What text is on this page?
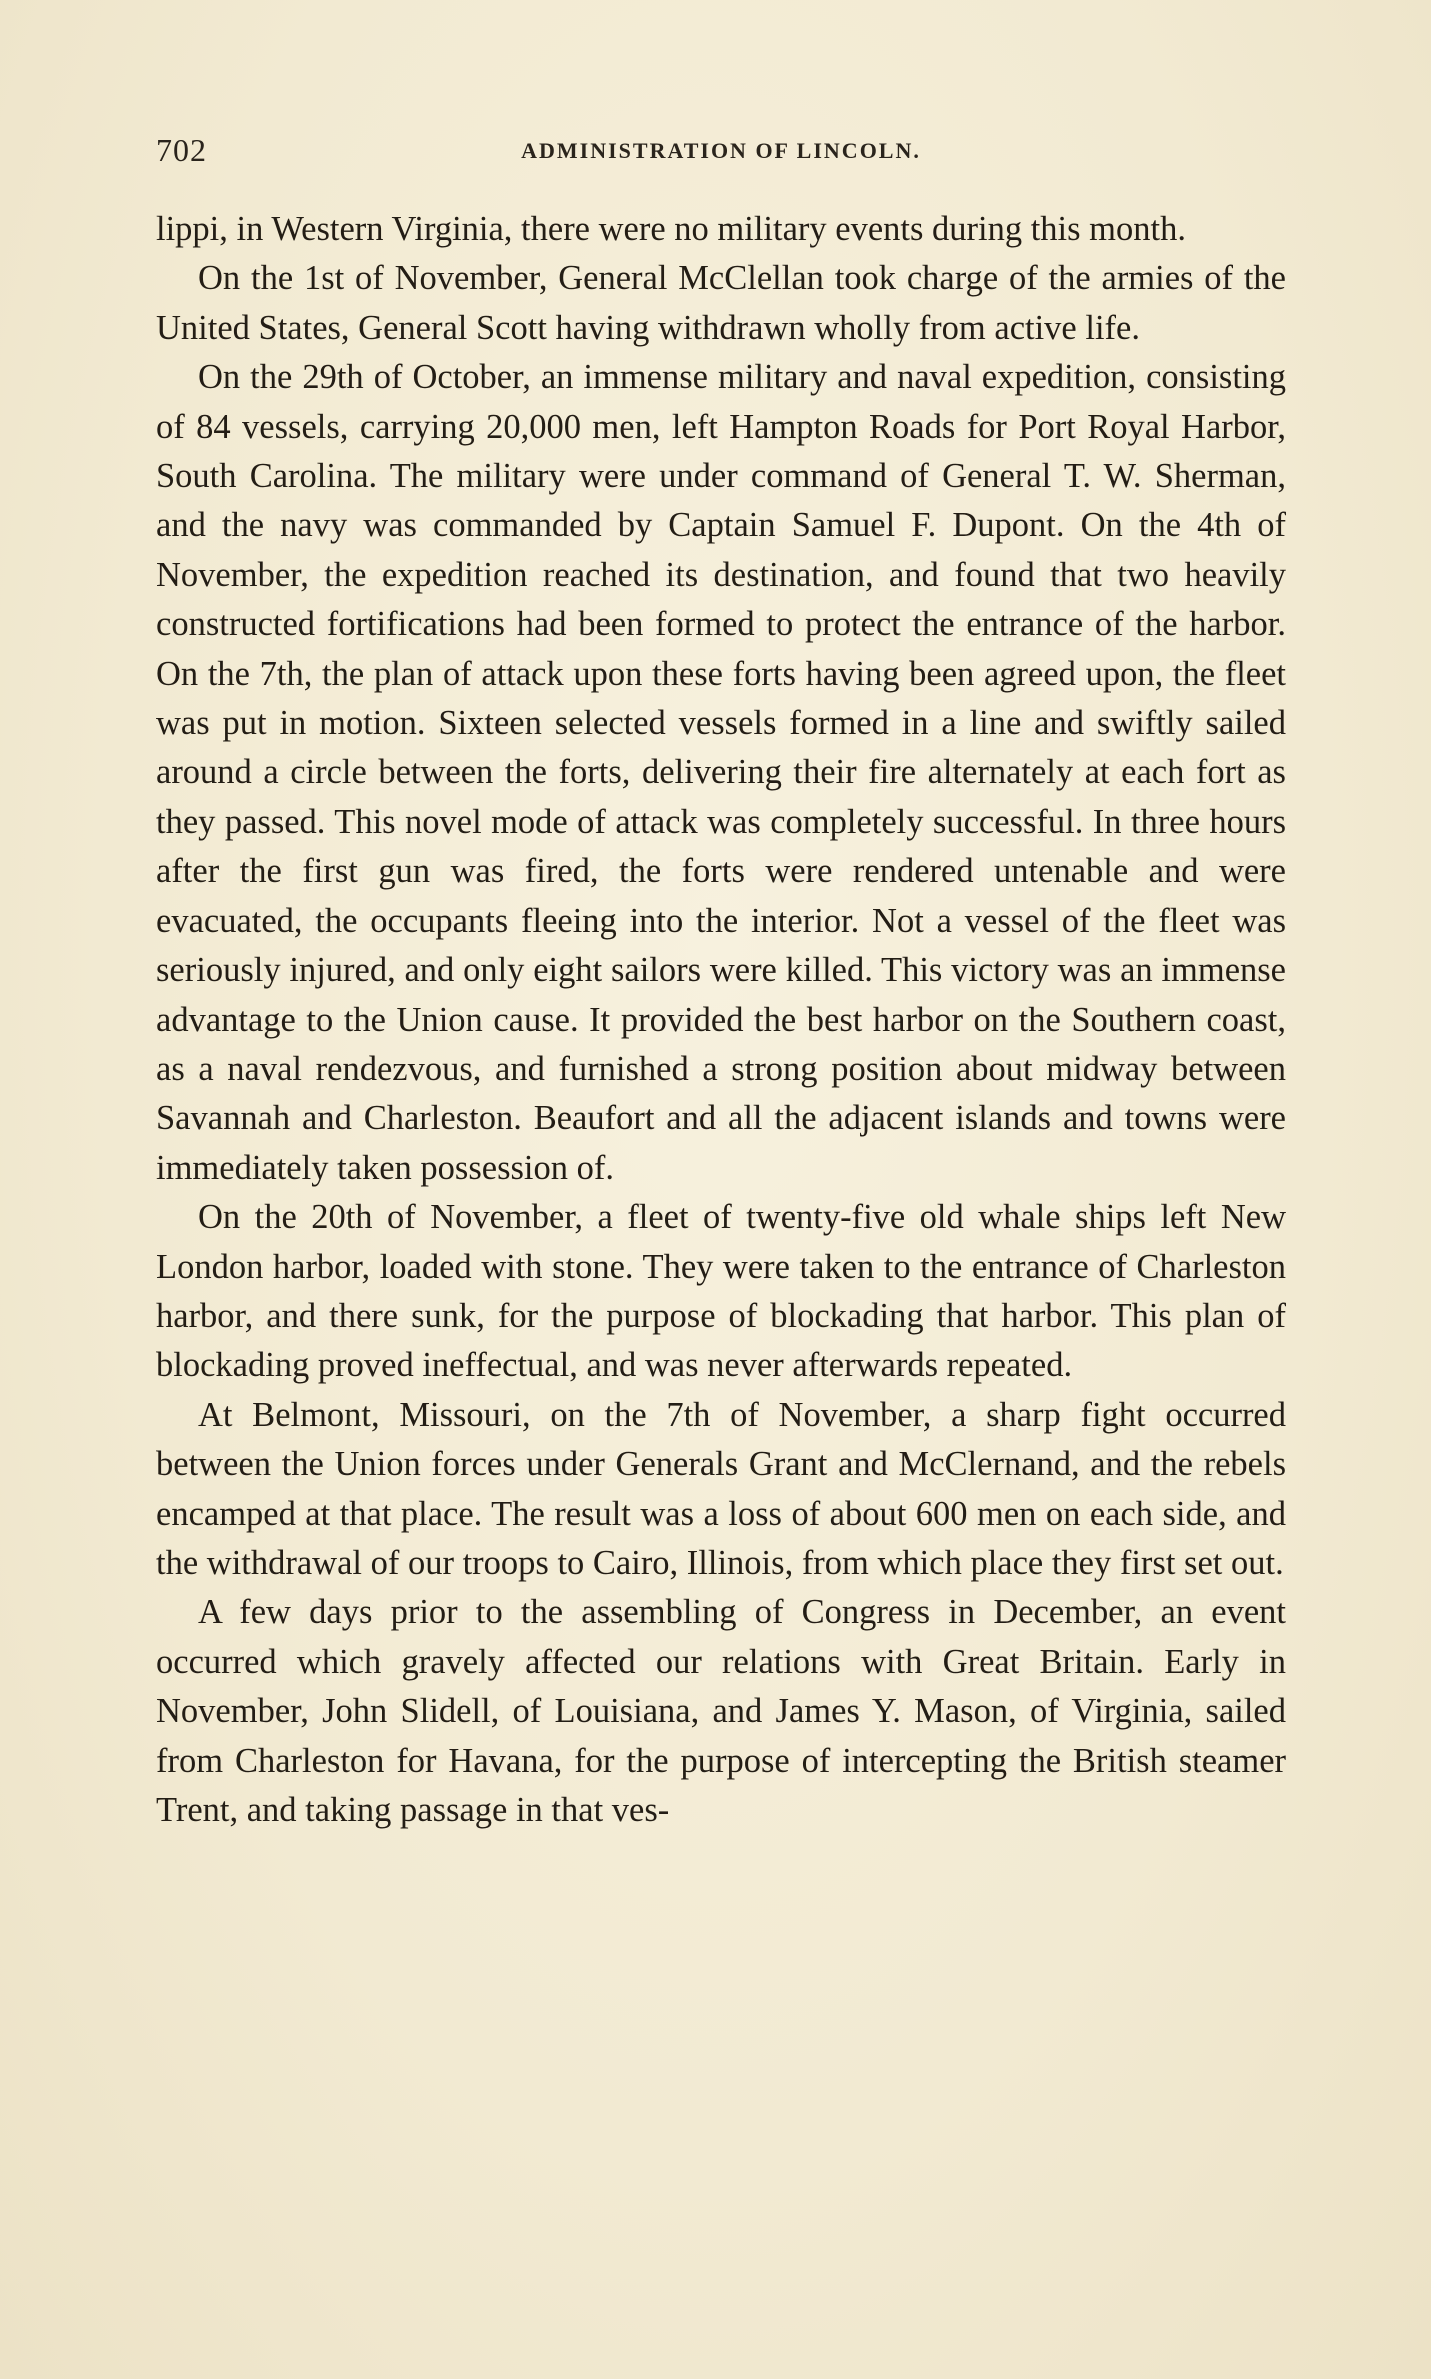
702	ADMINISTRATION OF LINCOLN.

lippi, in Western Virginia, there were no military events during this month.

On the 1st of November, General McClellan took charge of the armies of the United States, General Scott having withdrawn wholly from active life.

On the 29th of October, an immense military and naval expedition, consisting of 84 vessels, carrying 20,000 men, left Hampton Roads for Port Royal Harbor, South Carolina. The military were under command of General T. W. Sherman, and the navy was commanded by Captain Samuel F. Dupont. On the 4th of November, the expedition reached its destination, and found that two heavily constructed fortifications had been formed to protect the entrance of the harbor. On the 7th, the plan of attack upon these forts having been agreed upon, the fleet was put in motion. Sixteen selected vessels formed in a line and swiftly sailed around a circle between the forts, delivering their fire alternately at each fort as they passed. This novel mode of attack was completely successful. In three hours after the first gun was fired, the forts were rendered untenable and were evacuated, the occupants fleeing into the interior. Not a vessel of the fleet was seriously injured, and only eight sailors were killed. This victory was an immense advantage to the Union cause. It provided the best harbor on the Southern coast, as a naval rendezvous, and furnished a strong position about midway between Savannah and Charleston. Beaufort and all the adjacent islands and towns were immediately taken possession of.

On the 20th of November, a fleet of twenty-five old whale ships left New London harbor, loaded with stone. They were taken to the entrance of Charleston harbor, and there sunk, for the purpose of blockading that harbor. This plan of blockading proved ineffectual, and was never afterwards repeated.

At Belmont, Missouri, on the 7th of November, a sharp fight occurred between the Union forces under Generals Grant and McClernand, and the rebels encamped at that place. The result was a loss of about 600 men on each side, and the withdrawal of our troops to Cairo, Illinois, from which place they first set out.

A few days prior to the assembling of Congress in December, an event occurred which gravely affected our relations with Great Britain. Early in November, John Slidell, of Louisiana, and James Y. Mason, of Virginia, sailed from Charleston for Havana, for the purpose of intercepting the British steamer Trent, and taking passage in that ves-
